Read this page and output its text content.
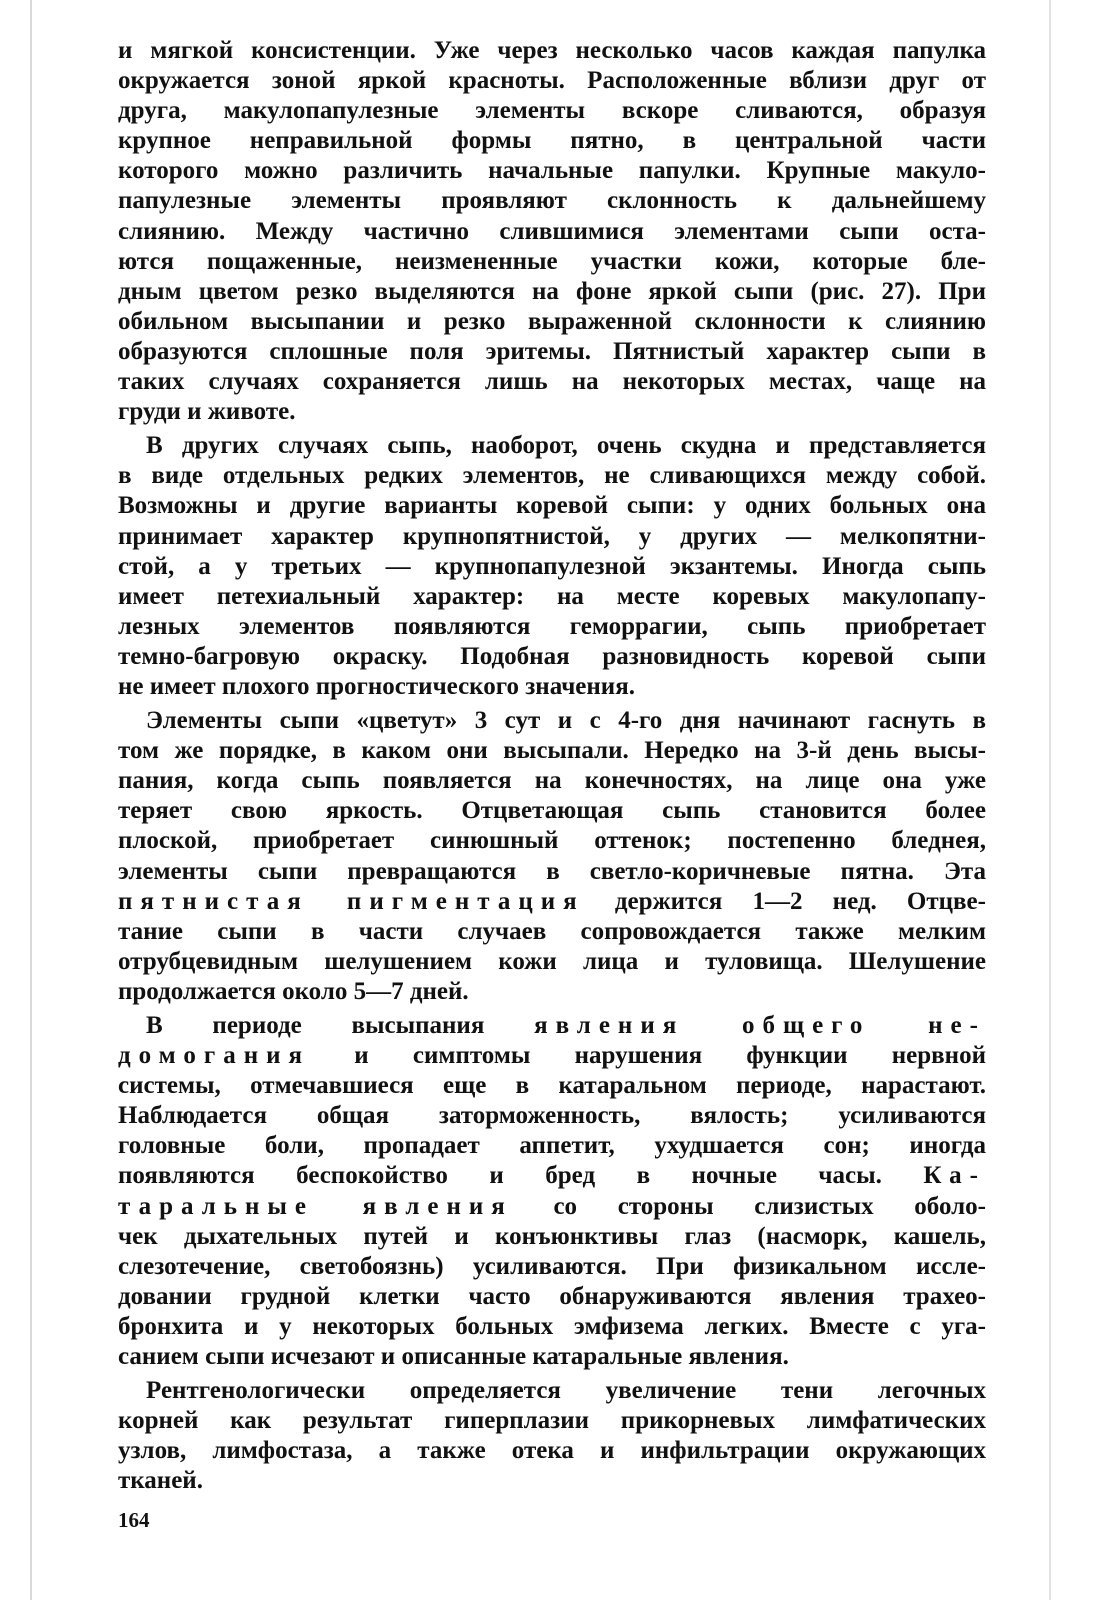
и мягкой консистенции. Уже через несколько часов каждая папулка
окружается зоной яркой красноты. Расположенные вблизи друг от
друга, макулопапулезные элементы вскоре сливаются, образуя
крупное неправильной формы пятно, в центральной части
которого можно различить начальные папулки. Крупные макуло-
папулезные элементы проявляют склонность к дальнейшему
слиянию. Между частично слившимися элементами сыпи оста-
ются пощаженные, неизмененные участки кожи, которые бле-
дным цветом резко выделяются на фоне яркой сыпи (рис. 27). При
обильном высыпании и резко выраженной склонности к слиянию
образуются сплошные поля эритемы. Пятнистый характер сыпи в
таких случаях сохраняется лишь на некоторых местах, чаще на
груди и животе.
В других случаях сыпь, наоборот, очень скудна и представляется
в виде отдельных редких элементов, не сливающихся между собой.
Возможны и другие варианты коревой сыпи: у одних больных она
принимает характер крупнопятнистой, у других — мелкопятни-
стой, а у третьих — крупнопапулезной экзантемы. Иногда сыпь
имеет петехиальный характер: на месте коревых макулопапу-
лезных элементов появляются геморрагии, сыпь приобретает
темно-багровую окраску. Подобная разновидность коревой сыпи
не имеет плохого прогностического значения.
Элементы сыпи «цветут» 3 сут и с 4-го дня начинают гаснуть в
том же порядке, в каком они высыпали. Нередко на 3-й день высы-
пания, когда сыпь появляется на конечностях, на лице она уже
теряет свою яркость. Отцветающая сыпь становится более
плоской, приобретает синюшный оттенок; постепенно бледнея,
элементы сыпи превращаются в светло-коричневые пятна. Эта
пятнистая пигментация держится 1—2 нед. Отцве-
тание сыпи в части случаев сопровождается также мелким
отрубцевидным шелушением кожи лица и туловища. Шелушение
продолжается около 5—7 дней.
В периоде высыпания явления общего не-
домогания и симптомы нарушения функции нервной
системы, отмечавшиеся еще в катаральном периоде, нарастают.
Наблюдается общая заторможенность, вялость; усиливаются
головные боли, пропадает аппетит, ухудшается сон; иногда
появляются беспокойство и бред в ночные часы. Ка-
таральные явления со стороны слизистых оболо-
чек дыхательных путей и конъюнктивы глаз (насморк, кашель,
слезотечение, светобоязнь) усиливаются. При физикальном иссле-
довании грудной клетки часто обнаруживаются явления трахео-
бронхита и у некоторых больных эмфизема легких. Вместе с уга-
санием сыпи исчезают и описанные катаральные явления.
Рентгенологически определяется увеличение тени легочных
корней как результат гиперплазии прикорневых лимфатических
узлов, лимфостаза, а также отека и инфильтрации окружающих
тканей.
164
